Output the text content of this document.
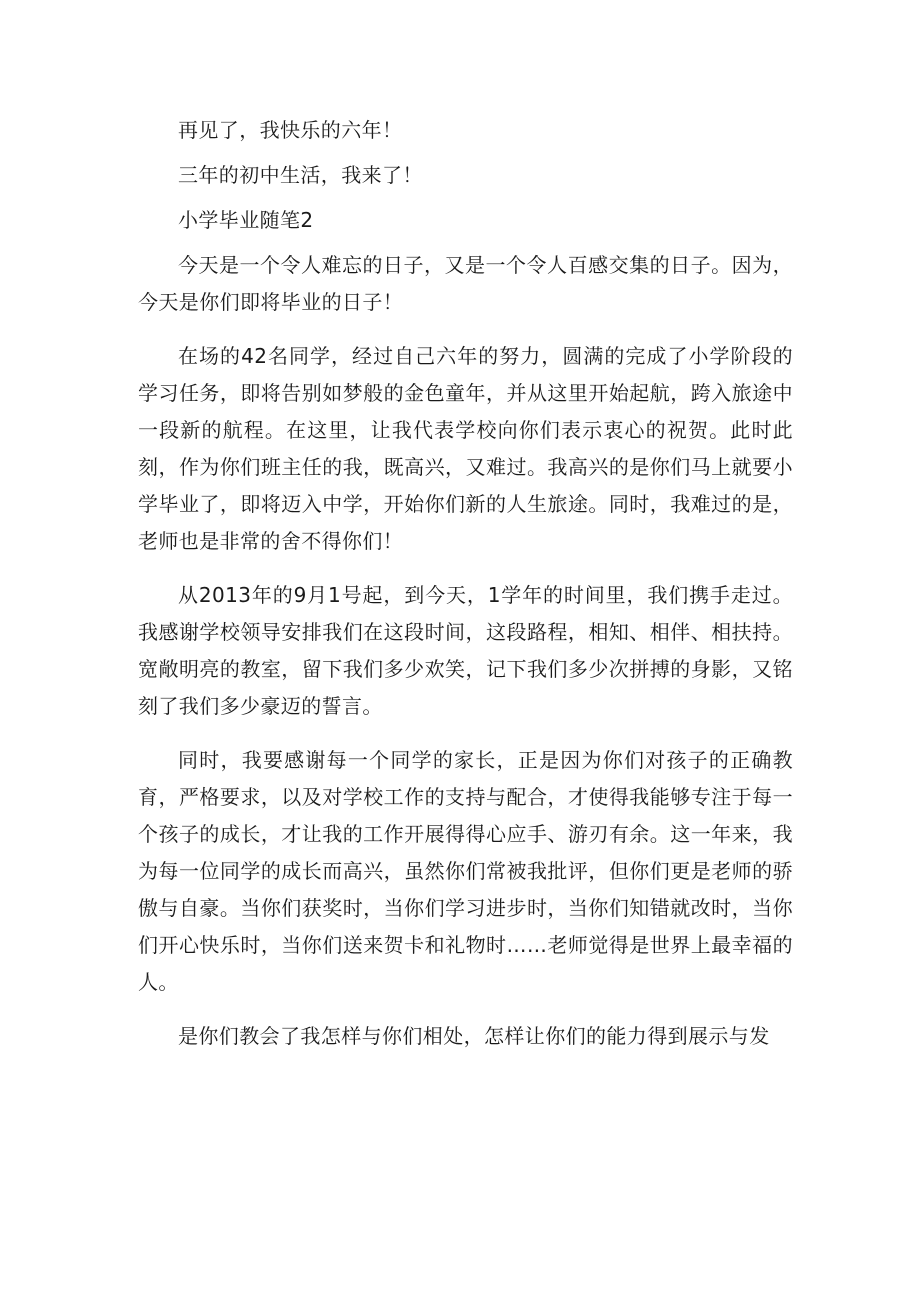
再见了，我快乐的六年！

三年的初中生活，我来了！

小学毕业随笔2

今天是一个令人难忘的日子，又是一个令人百感交集的日子。因为，今天是你们即将毕业的日子！

在场的42名同学，经过自己六年的努力，圆满的完成了小学阶段的学习任务，即将告别如梦般的金色童年，并从这里开始起航，跨入旅途中一段新的航程。在这里，让我代表学校向你们表示衷心的祝贺。此时此刻，作为你们班主任的我，既高兴，又难过。我高兴的是你们马上就要小学毕业了，即将迈入中学，开始你们新的人生旅途。同时，我难过的是，老师也是非常的舍不得你们！

从2013年的9月1号起，到今天，1学年的时间里，我们携手走过。我感谢学校领导安排我们在这段时间，这段路程，相知、相伴、相扶持。宽敞明亮的教室，留下我们多少欢笑，记下我们多少次拼搏的身影，又铭刻了我们多少豪迈的誓言。

同时，我要感谢每一个同学的家长，正是因为你们对孩子的正确教育，严格要求，以及对学校工作的支持与配合，才使得我能够专注于每一个孩子的成长，才让我的工作开展得得心应手、游刃有余。这一年来，我为每一位同学的成长而高兴，虽然你们常被我批评，但你们更是老师的骄傲与自豪。当你们获奖时，当你们学习进步时，当你们知错就改时，当你们开心快乐时，当你们送来贺卡和礼物时……老师觉得是世界上最幸福的人。

是你们教会了我怎样与你们相处，怎样让你们的能力得到展示与发
